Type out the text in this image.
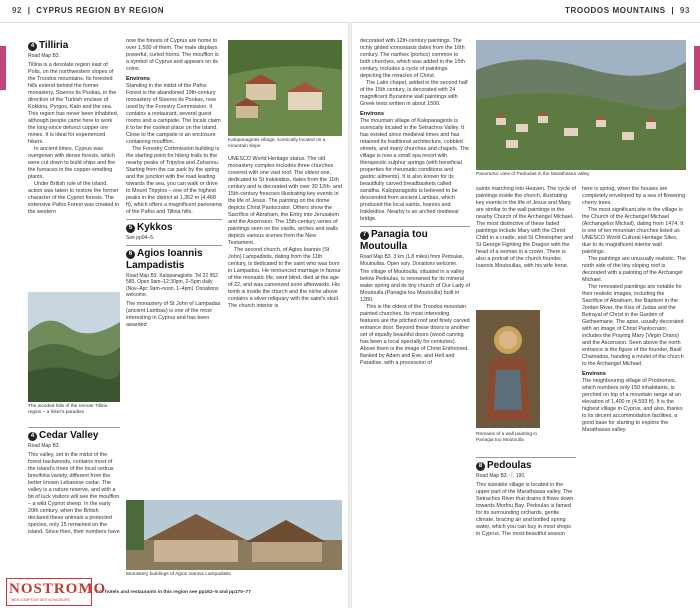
92  |  CYPRUS REGION BY REGION	TROODOS MOUNTAINS  |  93
4 Tilliria
Road Map B3.

Tilliria is a desolate region east of Polis, on the northwestern slopes of the Troodos mountains. Its forested hills extend behind the former monastery, Stavros tis Psokas, in the direction of the Turkish enclave of Kokkina, Pyrgos, Kato and the sea. This region has never been inhabited, although people came here to work the long-since defunct copper ore mines. It is ideal for experienced hikers.

In ancient times, Cyprus was overgrown with dense forests, which were cut down to build ships and fire the furnaces in the copper-smelting plants.

Under British rule of the island, action was taken to restore the former character of the Cypriot forests. The extensive Pafos Forest was created in the western

The wooded hills of the remote Tilliria region – a hiker's paradise
4 Cedar Valley
Road Map B3.

This valley, set in the midst of the forest backwoods, contains most of the island's trees of the local cedrus brevifolia variety, different from the better known Lebanese cedar. The valley is a nature reserve, and with a bit of luck visitors will see the moufflon – a wild Cypriot sheep. In the early 20th century, when the British declared these animals a protected species, only 15 remained on the island. Since then, their numbers have

now the forests of Cyprus are home to over 1,500 of them. The male displays powerful, curled horns. The moufflon is a symbol of Cyprus and appears on its coins.

Environs

Standing in the midst of the Pafos Forest is the abandoned 19th-century monastery of Stavros tis Psokas, now used by the Forestry Commission. It contains a restaurant, several guest rooms and a campsite. The locals claim it to be the coolest place on the island. Close to the campsite is an enclosure containing moufflon.

The Forestry Commission building is the starting point for hiking trails to the nearby peaks of Tripylos and Zahariou. Starting from the car park by the spring and the junction with the road leading towards the sea, you can walk or drive to Mount Tripylos – one of the highest peaks in the district at 1,362 m (4,468 ft), which offers a magnificent panorama of the Pafos and Tilliria hills.

5 Kykkos
See pp94–5.
6 Agios Ioannis Lampadistis
Road Map B3. Kalopanagiotis. Tel 22 952 580. Open 9am–12:30pm, 2–5pm daily (Nov–Apr: 9am–noon, 1–4pm). Donations welcome.

The monastery of St John of Lampadas (ancient Lambas) is one of the most interesting in Cyprus and has been awarded

Kalopanagiotis village, scenically located on a mountain slope

UNESCO World Heritage status. The old monastery complex includes three churches covered with one vast roof. The oldest one, dedicated to St Irakleidios, dates from the 11th century and is decorated with over 30 12th- and 15th-century frescoes illustrating key events in the life of Jesus. The painting on the dome depicts Christ Pantocrator. Others show the Sacrifice of Abraham, the Entry into Jerusalem and the Ascension. The 15th-century series of paintings seen on the vaults, arches and walls depicts various scenes from the New Testament.

The second church, of Agios Ioannis (St John) Lampadistis, dating from the 11th century, is dedicated to the saint who was born in Lampadou. He renounced marriage in favour of the monastic life, went blind, died at the age of 22, and was canonized soon afterwards. His tomb is inside the church and the niche above contains a silver reliquary with the saint's skull. The church interior is

Monastery buildings of Agios Ioannis Lampadistis
For hotels and restaurants in this region see pp162–5 and pp170–77

decorated with 12th-century paintings. The richly gilded iconostasis dates from the 16th century. The narthex (portico) common to both churches, which was added in the 15th century, includes a cycle of paintings depicting the miracles of Christ.

The Latin chapel, added in the second half of the 15th century, is decorated with 24 magnificent Byzantine wall paintings with Greek texts written in about 1500.

Environs

The mountain village of Kalopanagiotis is scenically located in the Setrachos Valley. It has existed since medieval times and has retained its traditional architecture, cobbled streets, and many churches and chapels. The village is now a small spa resort with therapeutic sulphur springs (with beneficial properties for rheumatic conditions and gastric ailments). It is also known for its beautifully carved breadbaskets called sanidha. Kalopanagiotis is believed to be descended from ancient Lambas, which produced the local saints, Ioannis and Irakleidios. Nearby is an arched medieval bridge.

7 Panagia tou Moutoulla
Road Map B3. 3 km (1.8 miles) from Pedoulas, Moutoullas. Open vary. Donations welcome.

The village of Moutoulla, situated in a valley below Pedoulas, is renowned for its mineral water spring and its tiny church of Our Lady of Moutoulla (Panagia tou Moutoulla) built in 1280.

This is the oldest of the Troodos mountain painted churches. Its most interesting features are the pitched roof and finely carved entrance door. Beyond these doors is another set of equally beautiful doors (wood carving has been a local specialty for centuries). Above them is the image of Christ Enthroned, flanked by Adam and Eve, and Hell and Paradise, with a procession of

Panoramic view of Pedoulas in the Marathassa valley

saints marching into Heaven. The cycle of paintings inside the church, illustrating key events in the life of Jesus and Mary, are similar to the wall paintings in the nearby Church of the Archangel Michael. The most distinctive of these faded paintings include Mary with the Christ Child in a cradle, and St Christopher and St George Fighting the Dragon with the head of a woman in a crown. There is also a portrait of the church founder, Ioannis Moutoullas, with his wife Irene.

Remains of a wall painting in Panagia tou Moutoulla
8 Pedoulas
Road Map B3. ⓘ 190.

This sizeable village is located in the upper part of the Marathassa valley. The Setrachos River that drains it flows down towards Morfou Bay. Pedoulas is famed for its surrounding orchards, gentle climate, bracing air and bottled spring water, which you can buy in most shops in Cyprus. The most beautiful season

here is spring, when the houses are completely enveloped by a sea of flowering cherry trees.

The most significant site in the village is the Church of the Archangel Michael (Archangelos Michail), dating from 1474. It is one of ten mountain churches listed as UNESCO World Cultural Heritage Sites, due to its magnificent interior wall paintings.

The paintings are unusually realistic. The north side of the tiny sloping roof is decorated with a painting of the Archangel Michael.

The renovated paintings are notable for their realistic images, including the Sacrifice of Abraham, the Baptism in the Jordan River, the Kiss of Judas and the Betrayal of Christ in the Garden of Gethsemane. The apse, usually decorated with an image of Christ Pantocrator, includes the Praying Mary (Virgin Orans) and the Ascension. Seen above the north entrance is the figure of the founder, Basil Chamados, handing a model of the church to the Archangel Michael.

Environs

The neighbouring village of Prodromos, which numbers only 150 inhabitants, is perched on top of a mountain range at an elevation of 1,400 m (4,593 ft). It is the highest village in Cyprus, and also, thanks to its decent accommodation facilities, a good base for starting to explore the Marathassa valley.

NOSTROMO
WEB COMPTOIR DES VOYAGEURS
